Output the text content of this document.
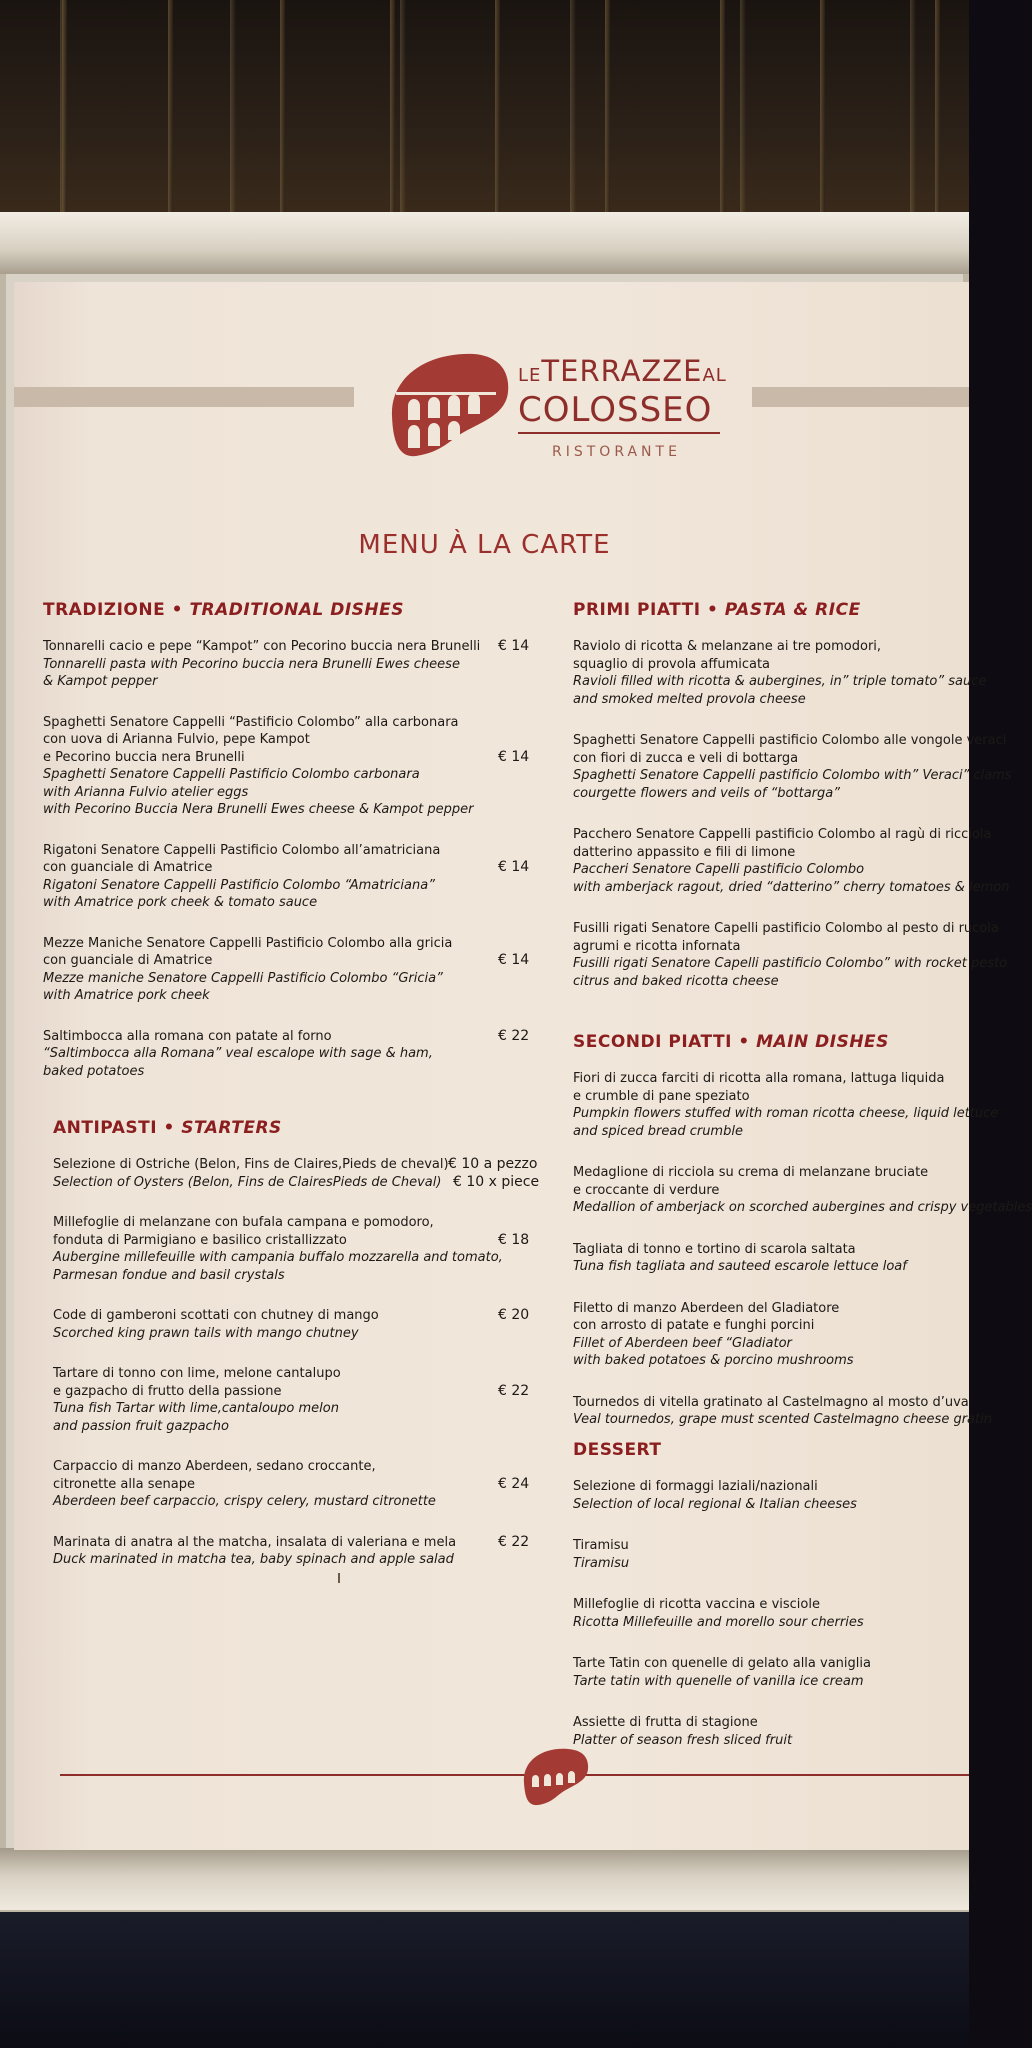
LETERRAZZEAL
COLOSSEO
RISTORANTE
MENU À LA CARTE
TRADIZIONE • TRADITIONAL DISHES
Tonnarelli cacio e pepe “Kampot” con Pecorino buccia nera Brunelli
Tonnarelli pasta with Pecorino buccia nera Brunelli Ewes cheese
& Kampot pepper
€ 14
Spaghetti Senatore Cappelli “Pastificio Colombo” alla carbonara
con uova di Arianna Fulvio, pepe Kampot
e Pecorino buccia nera Brunelli
Spaghetti Senatore Cappelli Pastificio Colombo carbonara
with Arianna Fulvio atelier eggs
with Pecorino Buccia Nera Brunelli Ewes cheese & Kampot pepper
€ 14
Rigatoni Senatore Cappelli Pastificio Colombo all’amatriciana
con guanciale di Amatrice
Rigatoni Senatore Cappelli Pastificio Colombo “Amatriciana”
with Amatrice pork cheek & tomato sauce
€ 14
Mezze Maniche Senatore Cappelli Pastificio Colombo alla gricia
con guanciale di Amatrice
Mezze maniche Senatore Cappelli Pastificio Colombo “Gricia”
with Amatrice pork cheek
€ 14
Saltimbocca alla romana con patate al forno
“Saltimbocca alla Romana” veal escalope with sage & ham,
baked potatoes
€ 22
ANTIPASTI • STARTERS
Selezione di Ostriche (Belon, Fins de Claires,Pieds de cheval)
Selection of Oysters (Belon, Fins de ClairesPieds de Cheval)
€ 10 a pezzo
€ 10 x piece
Millefoglie di melanzane con bufala campana e pomodoro,
fonduta di Parmigiano e basilico cristallizzato
Aubergine millefeuille with campania buffalo mozzarella and tomato,
Parmesan fondue and basil crystals
€ 18
Code di gamberoni scottati con chutney di mango
Scorched king prawn tails with mango chutney
€ 20
Tartare di tonno con lime, melone cantalupo
e gazpacho di frutto della passione
Tuna fish Tartar with lime,cantaloupo melon
and passion fruit gazpacho
€ 22
Carpaccio di manzo Aberdeen, sedano croccante,
citronette alla senape
Aberdeen beef carpaccio, crispy celery, mustard citronette
€ 24
Marinata di anatra al the matcha, insalata di valeriana e mela
Duck marinated in matcha tea, baby spinach and apple salad
€ 22
PRIMI PIATTI • PASTA & RICE
Raviolo di ricotta & melanzane ai tre pomodori,
squaglio di provola affumicata
Ravioli filled with ricotta & aubergines, in” triple tomato” sauce
and smoked melted provola cheese
Spaghetti Senatore Cappelli pastificio Colombo alle vongole veraci
con fiori di zucca e veli di bottarga
Spaghetti Senatore Cappelli pastificio Colombo with” Veraci” clams
courgette flowers and veils of “bottarga”
Pacchero Senatore Cappelli pastificio Colombo al ragù di ricciola
datterino appassito e fili di limone
Paccheri Senatore Capelli pastificio Colombo
with amberjack ragout, dried “datterino” cherry tomatoes & lemon
Fusilli rigati Senatore Capelli pastificio Colombo al pesto di rucola
agrumi e ricotta infornata
Fusilli rigati Senatore Capelli pastificio Colombo” with rocket pesto
citrus and baked ricotta cheese
SECONDI PIATTI • MAIN DISHES
Fiori di zucca farciti di ricotta alla romana, lattuga liquida
e crumble di pane speziato
Pumpkin flowers stuffed with roman ricotta cheese, liquid lettuce
and spiced bread crumble
Medaglione di ricciola su crema di melanzane bruciate
e croccante di verdure
Medallion of amberjack on scorched aubergines and crispy vegetables
Tagliata di tonno e tortino di scarola saltata
Tuna fish tagliata and sauteed escarole lettuce loaf
Filetto di manzo Aberdeen del Gladiatore
con arrosto di patate e funghi porcini
Fillet of Aberdeen beef “Gladiator
with baked potatoes & porcino mushrooms
Tournedos di vitella gratinato al Castelmagno al mosto d’uva
Veal tournedos, grape must scented Castelmagno cheese gratin
DESSERT
Selezione di formaggi laziali/nazionali
Selection of local regional & Italian cheeses
Tiramisu
Tiramisu
Millefoglie di ricotta vaccina e visciole
Ricotta Millefeuille and morello sour cherries
Tarte Tatin con quenelle di gelato alla vaniglia
Tarte tatin with quenelle of vanilla ice cream
Assiette di frutta di stagione
Platter of season fresh sliced fruit
